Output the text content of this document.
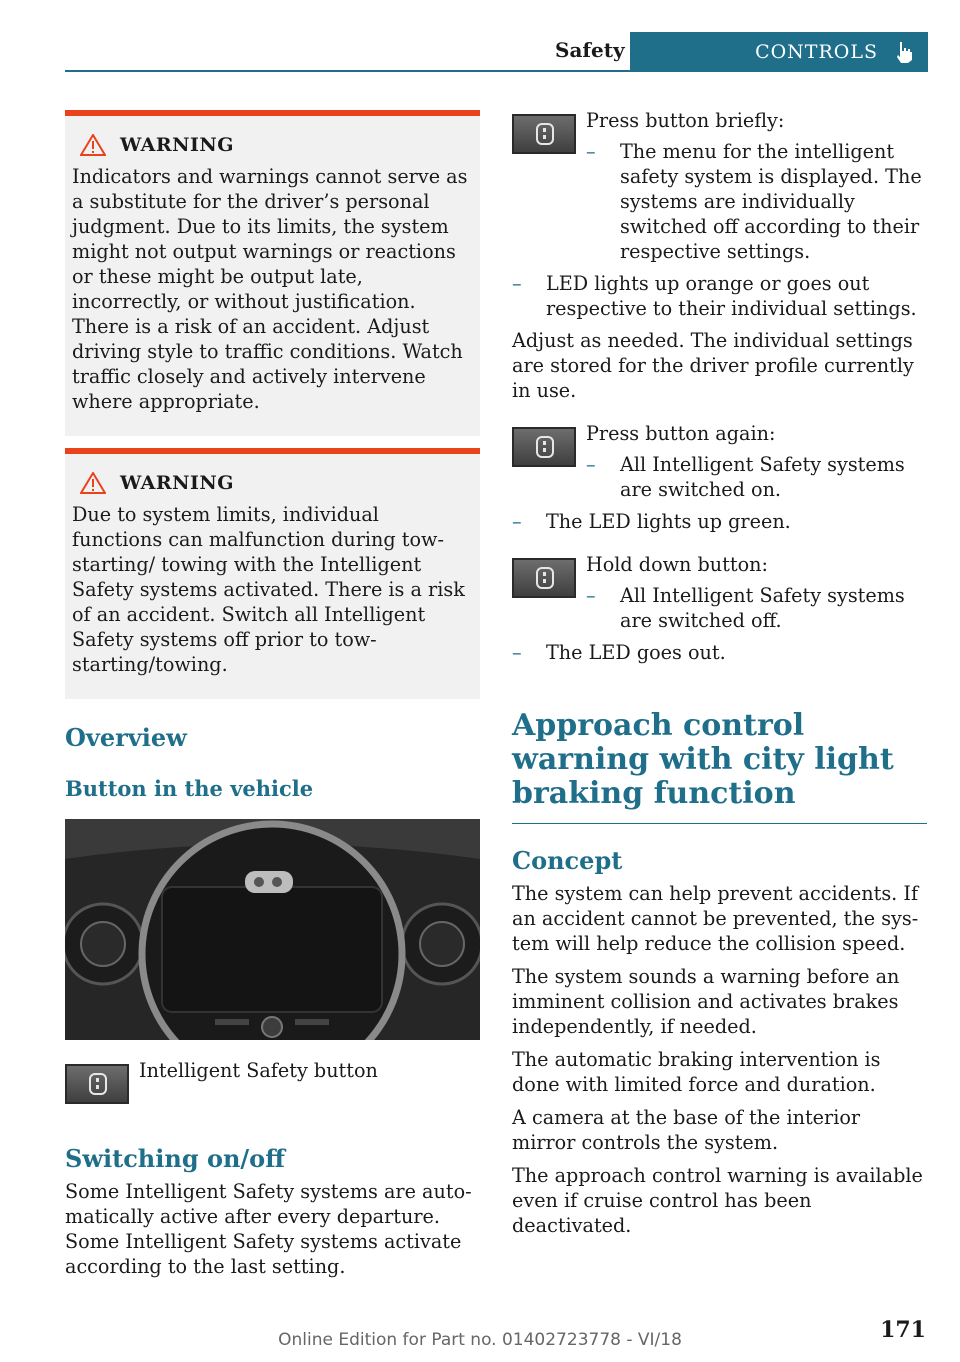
Safety	CONTROLS
WARNING

Indicators and warnings cannot serve as a substitute for the driver’s personal judgment. Due to its limits, the system might not output warnings or reactions or these might be output late, incorrectly, or without justification. There is a risk of an accident. Adjust driving style to traffic conditions. Watch traffic closely and actively intervene where appropriate.

WARNING

Due to system limits, individual functions can malfunction during tow-starting/ towing with the Intelligent Safety systems activated. There is a risk of an accident. Switch all Intelligent Safety systems off prior to tow-starting/towing.

Overview
Button in the vehicle
Intelligent Safety button
Switching on/off

Some Intelligent Safety systems are automatically active after every departure. Some Intelligent Safety systems activate according to the last setting.

Press button briefly:
– The menu for the intelligent safety system is displayed. The systems are individually switched off according to their respective settings.
– LED lights up orange or goes out respective to their individual settings.

Adjust as needed. The individual settings are stored for the driver profile currently in use.

Press button again:
– All Intelligent Safety systems are switched on.
– The LED lights up green.
Hold down button:
– All Intelligent Safety systems are switched off.
– The LED goes out.
Approach control warning with city light braking function
Concept

The system can help prevent accidents. If an accident cannot be prevented, the system will help reduce the collision speed.

The system sounds a warning before an imminent collision and activates brakes independently, if needed.

The automatic braking intervention is done with limited force and duration.

A camera at the base of the interior mirror controls the system.

The approach control warning is available even if cruise control has been deactivated.

171
Online Edition for Part no. 01402723778 - VI/18
